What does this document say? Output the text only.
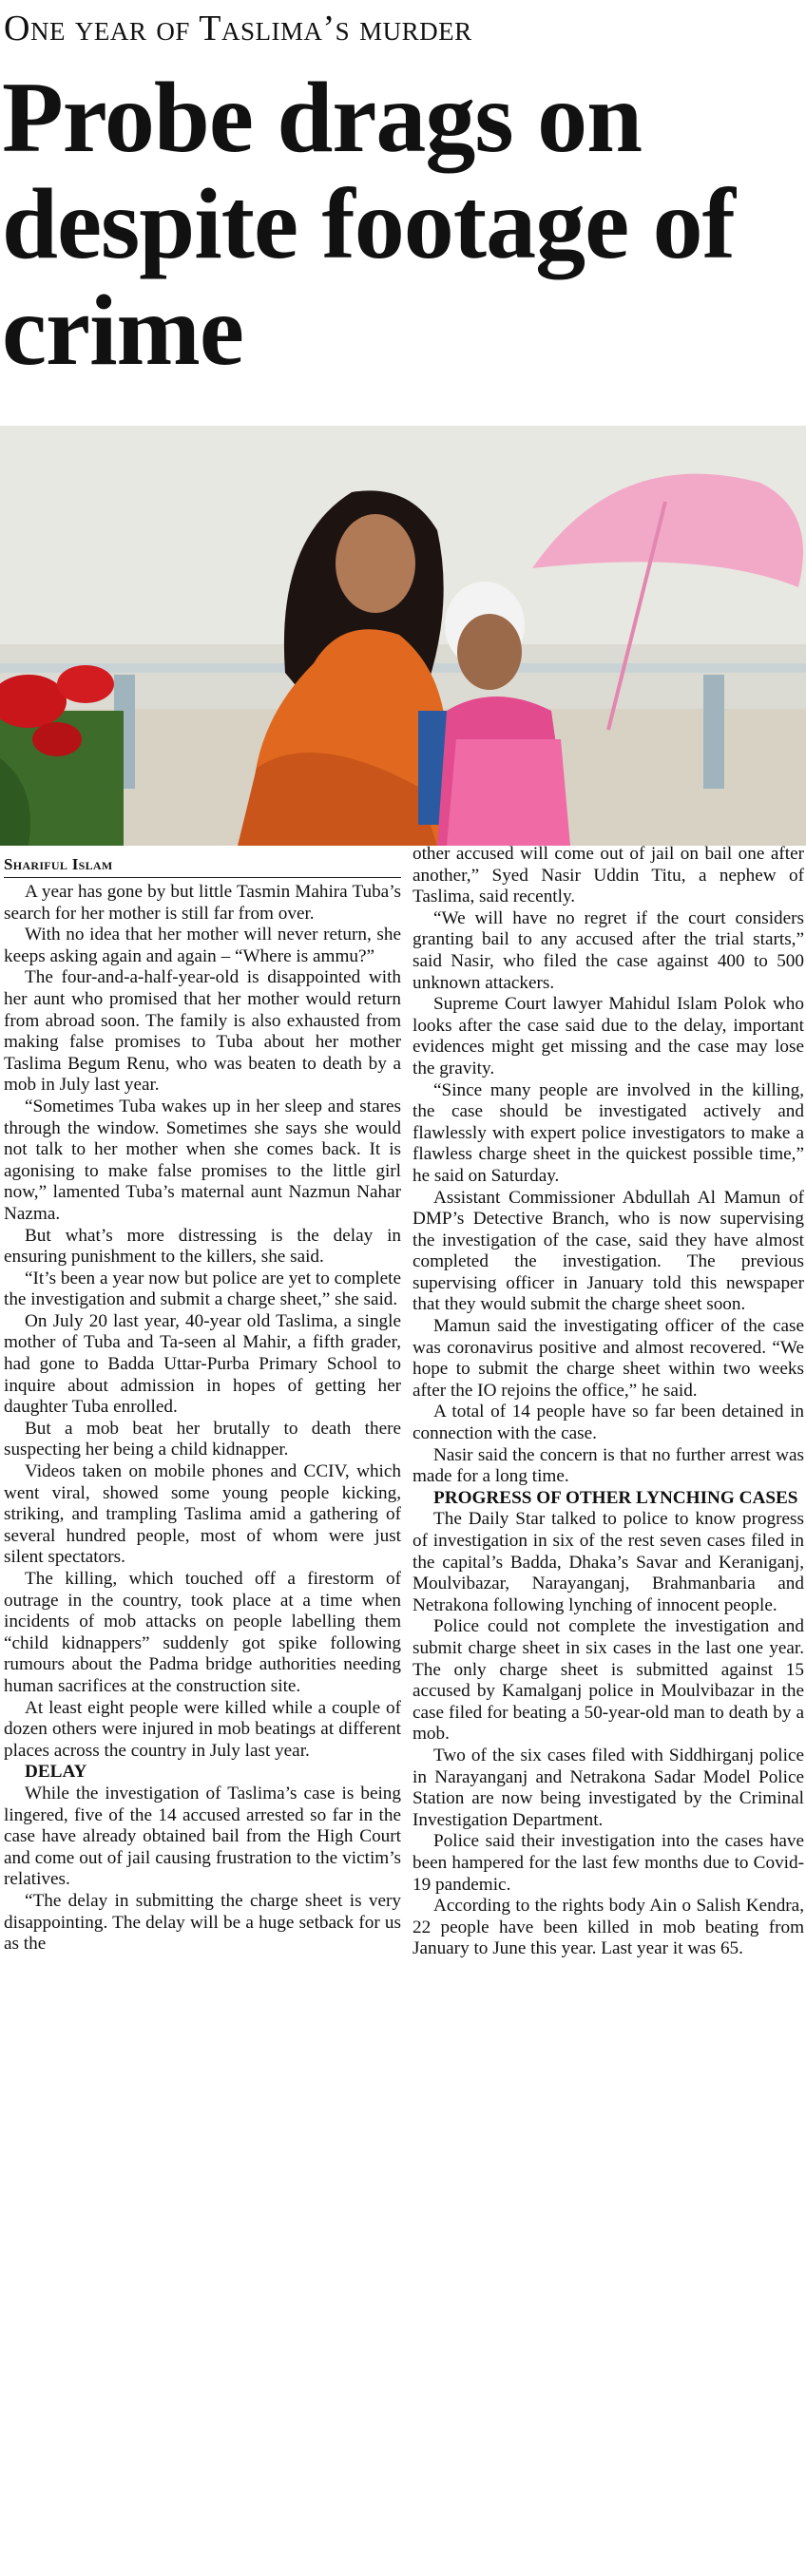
One year of Taslima’s murder
Probe drags on despite footage of crime
Shariful Islam

A year has gone by but little Tasmin Mahira Tuba’s search for her mother is still far from over.

With no idea that her mother will never return, she keeps asking again and again – “Where is ammu?”

The four-and-a-half-year-old is disappointed with her aunt who promised that her mother would return from abroad soon. The family is also exhausted from making false promises to Tuba about her mother Taslima Begum Renu, who was beaten to death by a mob in July last year.

“Sometimes Tuba wakes up in her sleep and stares through the window. Sometimes she says she would not talk to her mother when she comes back. It is agonising to make false promises to the little girl now,” lamented Tuba’s maternal aunt Nazmun Nahar Nazma.

But what’s more distressing is the delay in ensuring punishment to the killers, she said.

“It’s been a year now but police are yet to complete the investigation and submit a charge sheet,” she said.

On July 20 last year, 40-year old Taslima, a single mother of Tuba and Ta-seen al Mahir, a fifth grader, had gone to Badda Uttar-Purba Primary School to inquire about admission in hopes of getting her daughter Tuba enrolled.

But a mob beat her brutally to death there suspecting her being a child kidnapper.

Videos taken on mobile phones and CCIV, which went viral, showed some young people kicking, striking, and trampling Taslima amid a gathering of several hundred people, most of whom were just silent spectators.

The killing, which touched off a firestorm of outrage in the country, took place at a time when incidents of mob attacks on people labelling them “child kidnappers” suddenly got spike following rumours about the Padma bridge authorities needing human sacrifices at the construction site.

At least eight people were killed while a couple of dozen others were injured in mob beatings at different places across the country in July last year.

DELAY

While the investigation of Taslima’s case is being lingered, five of the 14 accused arrested so far in the case have already obtained bail from the High Court and come out of jail causing frustration to the victim’s relatives.

“The delay in submitting the charge sheet is very disappointing. The delay will be a huge setback for us as the

other accused will come out of jail on bail one after another,” Syed Nasir Uddin Titu, a nephew of Taslima, said recently.

“We will have no regret if the court considers granting bail to any accused after the trial starts,” said Nasir, who filed the case against 400 to 500 unknown attackers.

Supreme Court lawyer Mahidul Islam Polok who looks after the case said due to the delay, important evidences might get missing and the case may lose the gravity.

“Since many people are involved in the killing, the case should be investigated actively and flawlessly with expert police investigators to make a flawless charge sheet in the quickest possible time,” he said on Saturday.

Assistant Commissioner Abdullah Al Mamun of DMP’s Detective Branch, who is now supervising the investigation of the case, said they have almost completed the investigation. The previous supervising officer in January told this newspaper that they would submit the charge sheet soon.

Mamun said the investigating officer of the case was coronavirus positive and almost recovered. “We hope to submit the charge sheet within two weeks after the IO rejoins the office,” he said.

A total of 14 people have so far been detained in connection with the case.

Nasir said the concern is that no further arrest was made for a long time.

PROGRESS OF OTHER LYNCHING CASES

The Daily Star talked to police to know progress of investigation in six of the rest seven cases filed in the capital’s Badda, Dhaka’s Savar and Keraniganj, Moulvibazar, Narayanganj, Brahmanbaria and Netrakona following lynching of innocent people.

Police could not complete the investigation and submit charge sheet in six cases in the last one year. The only charge sheet is submitted against 15 accused by Kamalganj police in Moulvibazar in the case filed for beating a 50-year-old man to death by a mob.

Two of the six cases filed with Siddhirganj police in Narayanganj and Netrakona Sadar Model Police Station are now being investigated by the Criminal Investigation Department.

Police said their investigation into the cases have been hampered for the last few months due to Covid-19 pandemic.

According to the rights body Ain o Salish Kendra, 22 people have been killed in mob beating from January to June this year. Last year it was 65.
